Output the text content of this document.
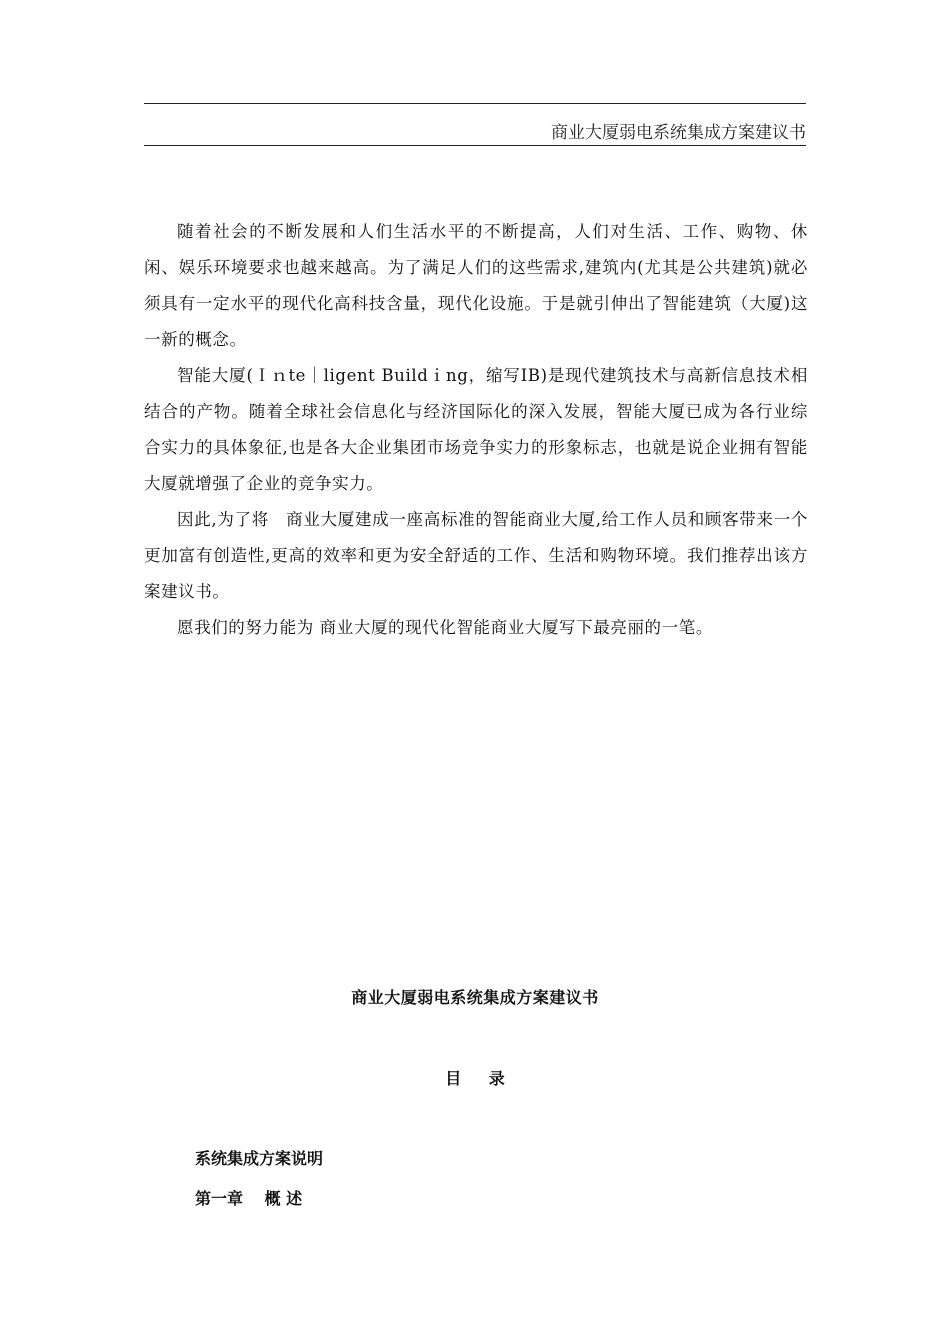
商业大厦弱电系统集成方案建议书

随着社会的不断发展和人们生活水平的不断提高，人们对生活、工作、购物、休闲、娱乐环境要求也越来越高。为了满足人们的这些需求,建筑内(尤其是公共建筑)就必须具有一定水平的现代化高科技含量，现代化设施。于是就引伸出了智能建筑（大厦)这一新的概念。

智能大厦(Ｉｎte｜ligent Buildｉng，缩写IB)是现代建筑技术与高新信息技术相结合的产物。随着全球社会信息化与经济国际化的深入发展，智能大厦已成为各行业综合实力的具体象征,也是各大企业集团市场竞争实力的形象标志，也就是说企业拥有智能大厦就增强了企业的竞争实力。

因此,为了将　商业大厦建成一座高标准的智能商业大厦,给工作人员和顾客带来一个更加富有创造性,更高的效率和更为安全舒适的工作、生活和购物环境。我们推荐出该方案建议书。

愿我们的努力能为 商业大厦的现代化智能商业大厦写下最亮丽的一笔。

商业大厦弱电系统集成方案建议书
目 录
系统集成方案说明
第一章　 概 述
